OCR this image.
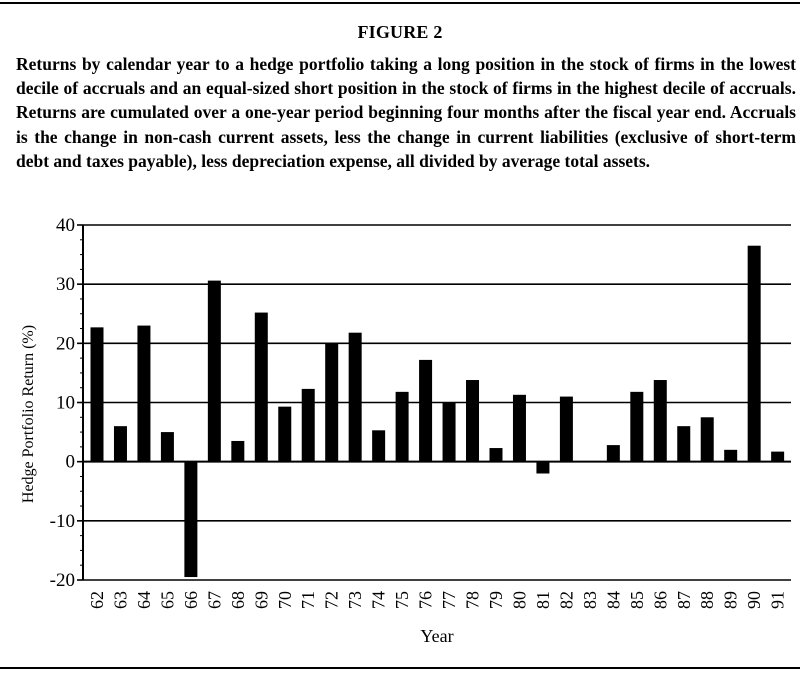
FIGURE 2
Returns by calendar year to a hedge portfolio taking a long position in the stock of firms in the lowest decile of accruals and an equal-sized short position in the stock of firms in the highest decile of accruals. Returns are cumulated over a one-year period beginning four months after the fiscal year end. Accruals is the change in non-cash current assets, less the change in current liabilities (exclusive of short-term debt and taxes payable), less depreciation expense, all divided by average total assets.
-20
-10
0
10
20
30
40
62 63 64 65 66 67 68 69 70 71 72 73 74 75 76 77 78 79 80 81 82 83 84 85 86 87 88 89 90 91
Hedge Portfolio Return (%)
Year
